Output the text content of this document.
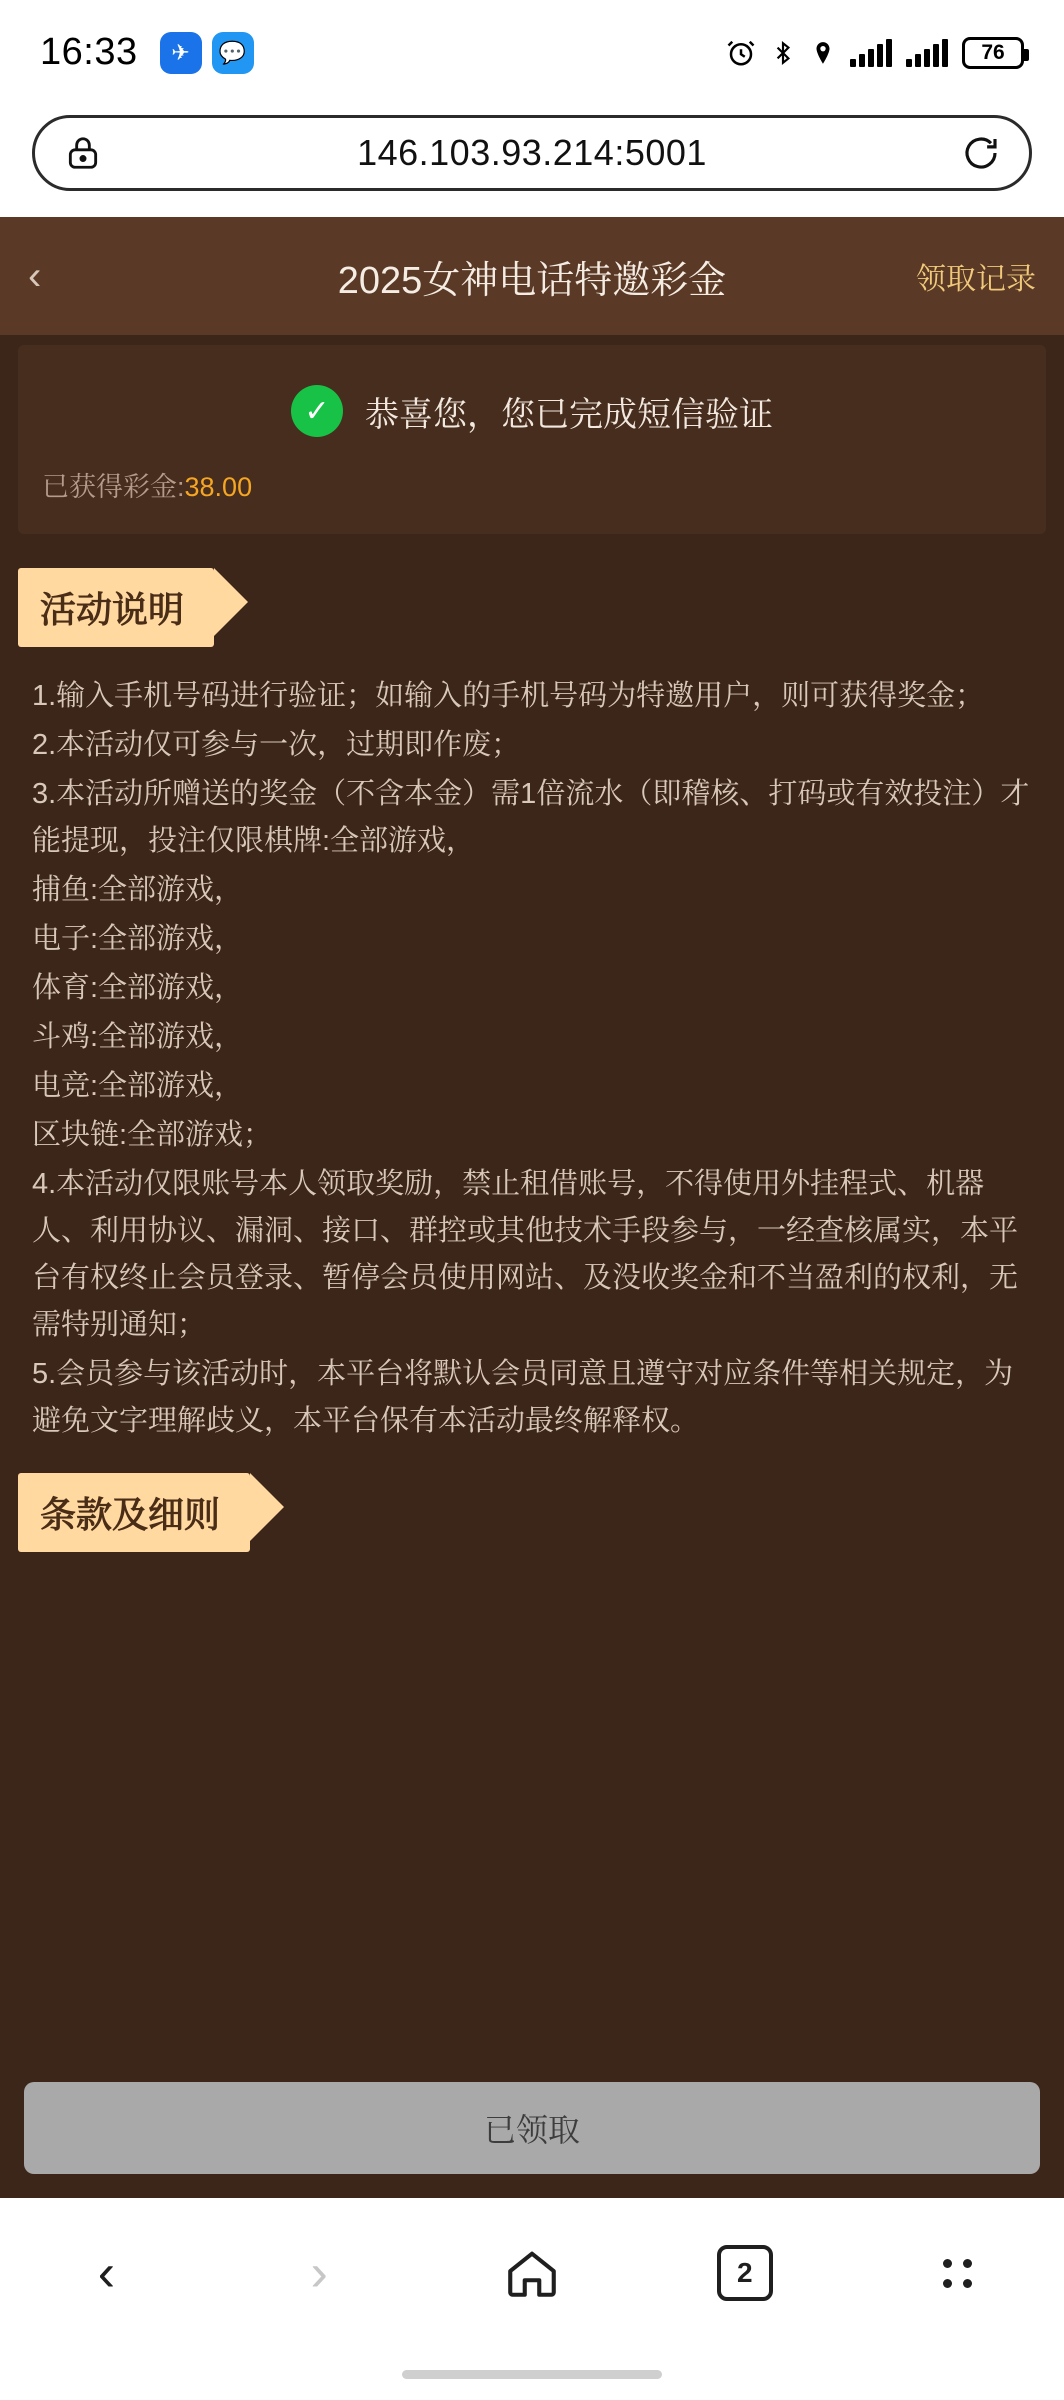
16:33	✈	💬	76
146.103.93.214:5001
‹	2025女神电话特邀彩金	领取记录
✓	恭喜您，您已完成短信验证
已获得彩金:38.00
活动说明

1.输入手机号码进行验证；如输入的手机号码为特邀用户，则可获得奖金；

2.本活动仅可参与一次，过期即作废；

3.本活动所赠送的奖金（不含本金）需1倍流水（即稽核、打码或有效投注）才能提现，投注仅限棋牌:全部游戏，

捕鱼:全部游戏，

电子:全部游戏，

体育:全部游戏，

斗鸡:全部游戏，

电竞:全部游戏，

区块链:全部游戏；

4.本活动仅限账号本人领取奖励，禁止租借账号，不得使用外挂程式、机器人、利用协议、漏洞、接口、群控或其他技术手段参与，一经查核属实，本平台有权终止会员登录、暂停会员使用网站、及没收奖金和不当盈利的权利，无需特别通知；

5.会员参与该活动时，本平台将默认会员同意且遵守对应条件等相关规定，为避免文字理解歧义，本平台保有本活动最终解释权。

条款及细则
已领取
‹	›	2
